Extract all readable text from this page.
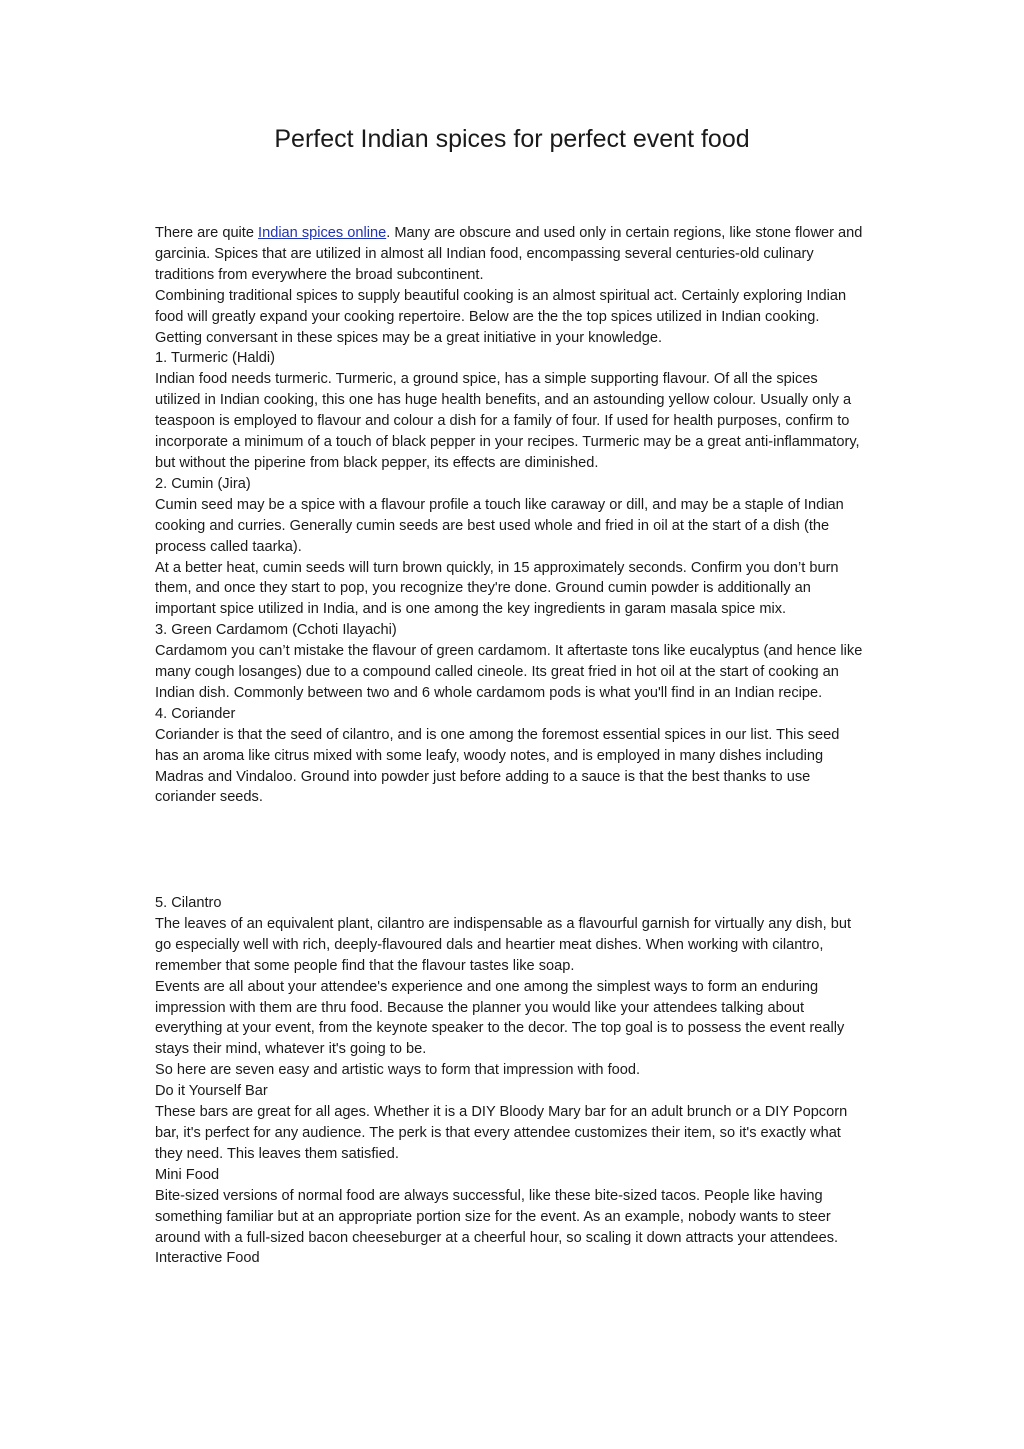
Perfect Indian spices for perfect event food

There are quite Indian spices online. Many are obscure and used only in certain regions, like stone flower and garcinia. Spices that are utilized in almost all Indian food, encompassing several centuries-old culinary traditions from everywhere the broad subcontinent.

Combining traditional spices to supply beautiful cooking is an almost spiritual act. Certainly exploring Indian food will greatly expand your cooking repertoire. Below are the the top spices utilized in Indian cooking. Getting conversant in these spices may be a great initiative in your knowledge.

1. Turmeric (Haldi)

Indian food needs turmeric. Turmeric, a ground spice, has a simple supporting flavour. Of all the spices utilized in Indian cooking, this one has huge health benefits, and an astounding yellow colour. Usually only a teaspoon is employed to flavour and colour a dish for a family of four. If used for health purposes, confirm to incorporate a minimum of a touch of black pepper in your recipes. Turmeric may be a great anti-inflammatory, but without the piperine from black pepper, its effects are diminished.

2. Cumin (Jira)

Cumin seed may be a spice with a flavour profile a touch like caraway or dill, and may be a staple of Indian cooking and curries. Generally cumin seeds are best used whole and fried in oil at the start of a dish (the process called taarka).

At a better heat, cumin seeds will turn brown quickly, in 15 approximately seconds. Confirm you don’t burn them, and once they start to pop, you recognize they're done. Ground cumin powder is additionally an important spice utilized in India, and is one among the key ingredients in garam masala spice mix.

3. Green Cardamom (Cchoti Ilayachi)

Cardamom you can’t mistake the flavour of green cardamom. It aftertaste tons like eucalyptus (and hence like many cough losanges) due to a compound called cineole. Its great fried in hot oil at the start of cooking an Indian dish. Commonly between two and 6 whole cardamom pods is what you'll find in an Indian recipe.

4. Coriander

Coriander is that the seed of cilantro, and is one among the foremost essential spices in our list. This seed has an aroma like citrus mixed with some leafy, woody notes, and is employed in many dishes including Madras and Vindaloo. Ground into powder just before adding to a sauce is that the best thanks to use coriander seeds.

5. Cilantro

The leaves of an equivalent plant, cilantro are indispensable as a flavourful garnish for virtually any dish, but go especially well with rich, deeply-flavoured dals and heartier meat dishes. When working with cilantro, remember that some people find that the flavour tastes like soap.

Events are all about your attendee's experience and one among the simplest ways to form an enduring impression with them are thru food. Because the planner you would like your attendees talking about everything at your event, from the keynote speaker to the decor. The top goal is to possess the event really stays their mind, whatever it's going to be.

So here are seven easy and artistic ways to form that impression with food.

Do it Yourself Bar

These bars are great for all ages. Whether it is a DIY Bloody Mary bar for an adult brunch or a DIY Popcorn bar, it's perfect for any audience. The perk is that every attendee customizes their item, so it's exactly what they need. This leaves them satisfied.

Mini Food

Bite-sized versions of normal food are always successful, like these bite-sized tacos. People like having something familiar but at an appropriate portion size for the event. As an example, nobody wants to steer around with a full-sized bacon cheeseburger at a cheerful hour, so scaling it down attracts your attendees.

Interactive Food
